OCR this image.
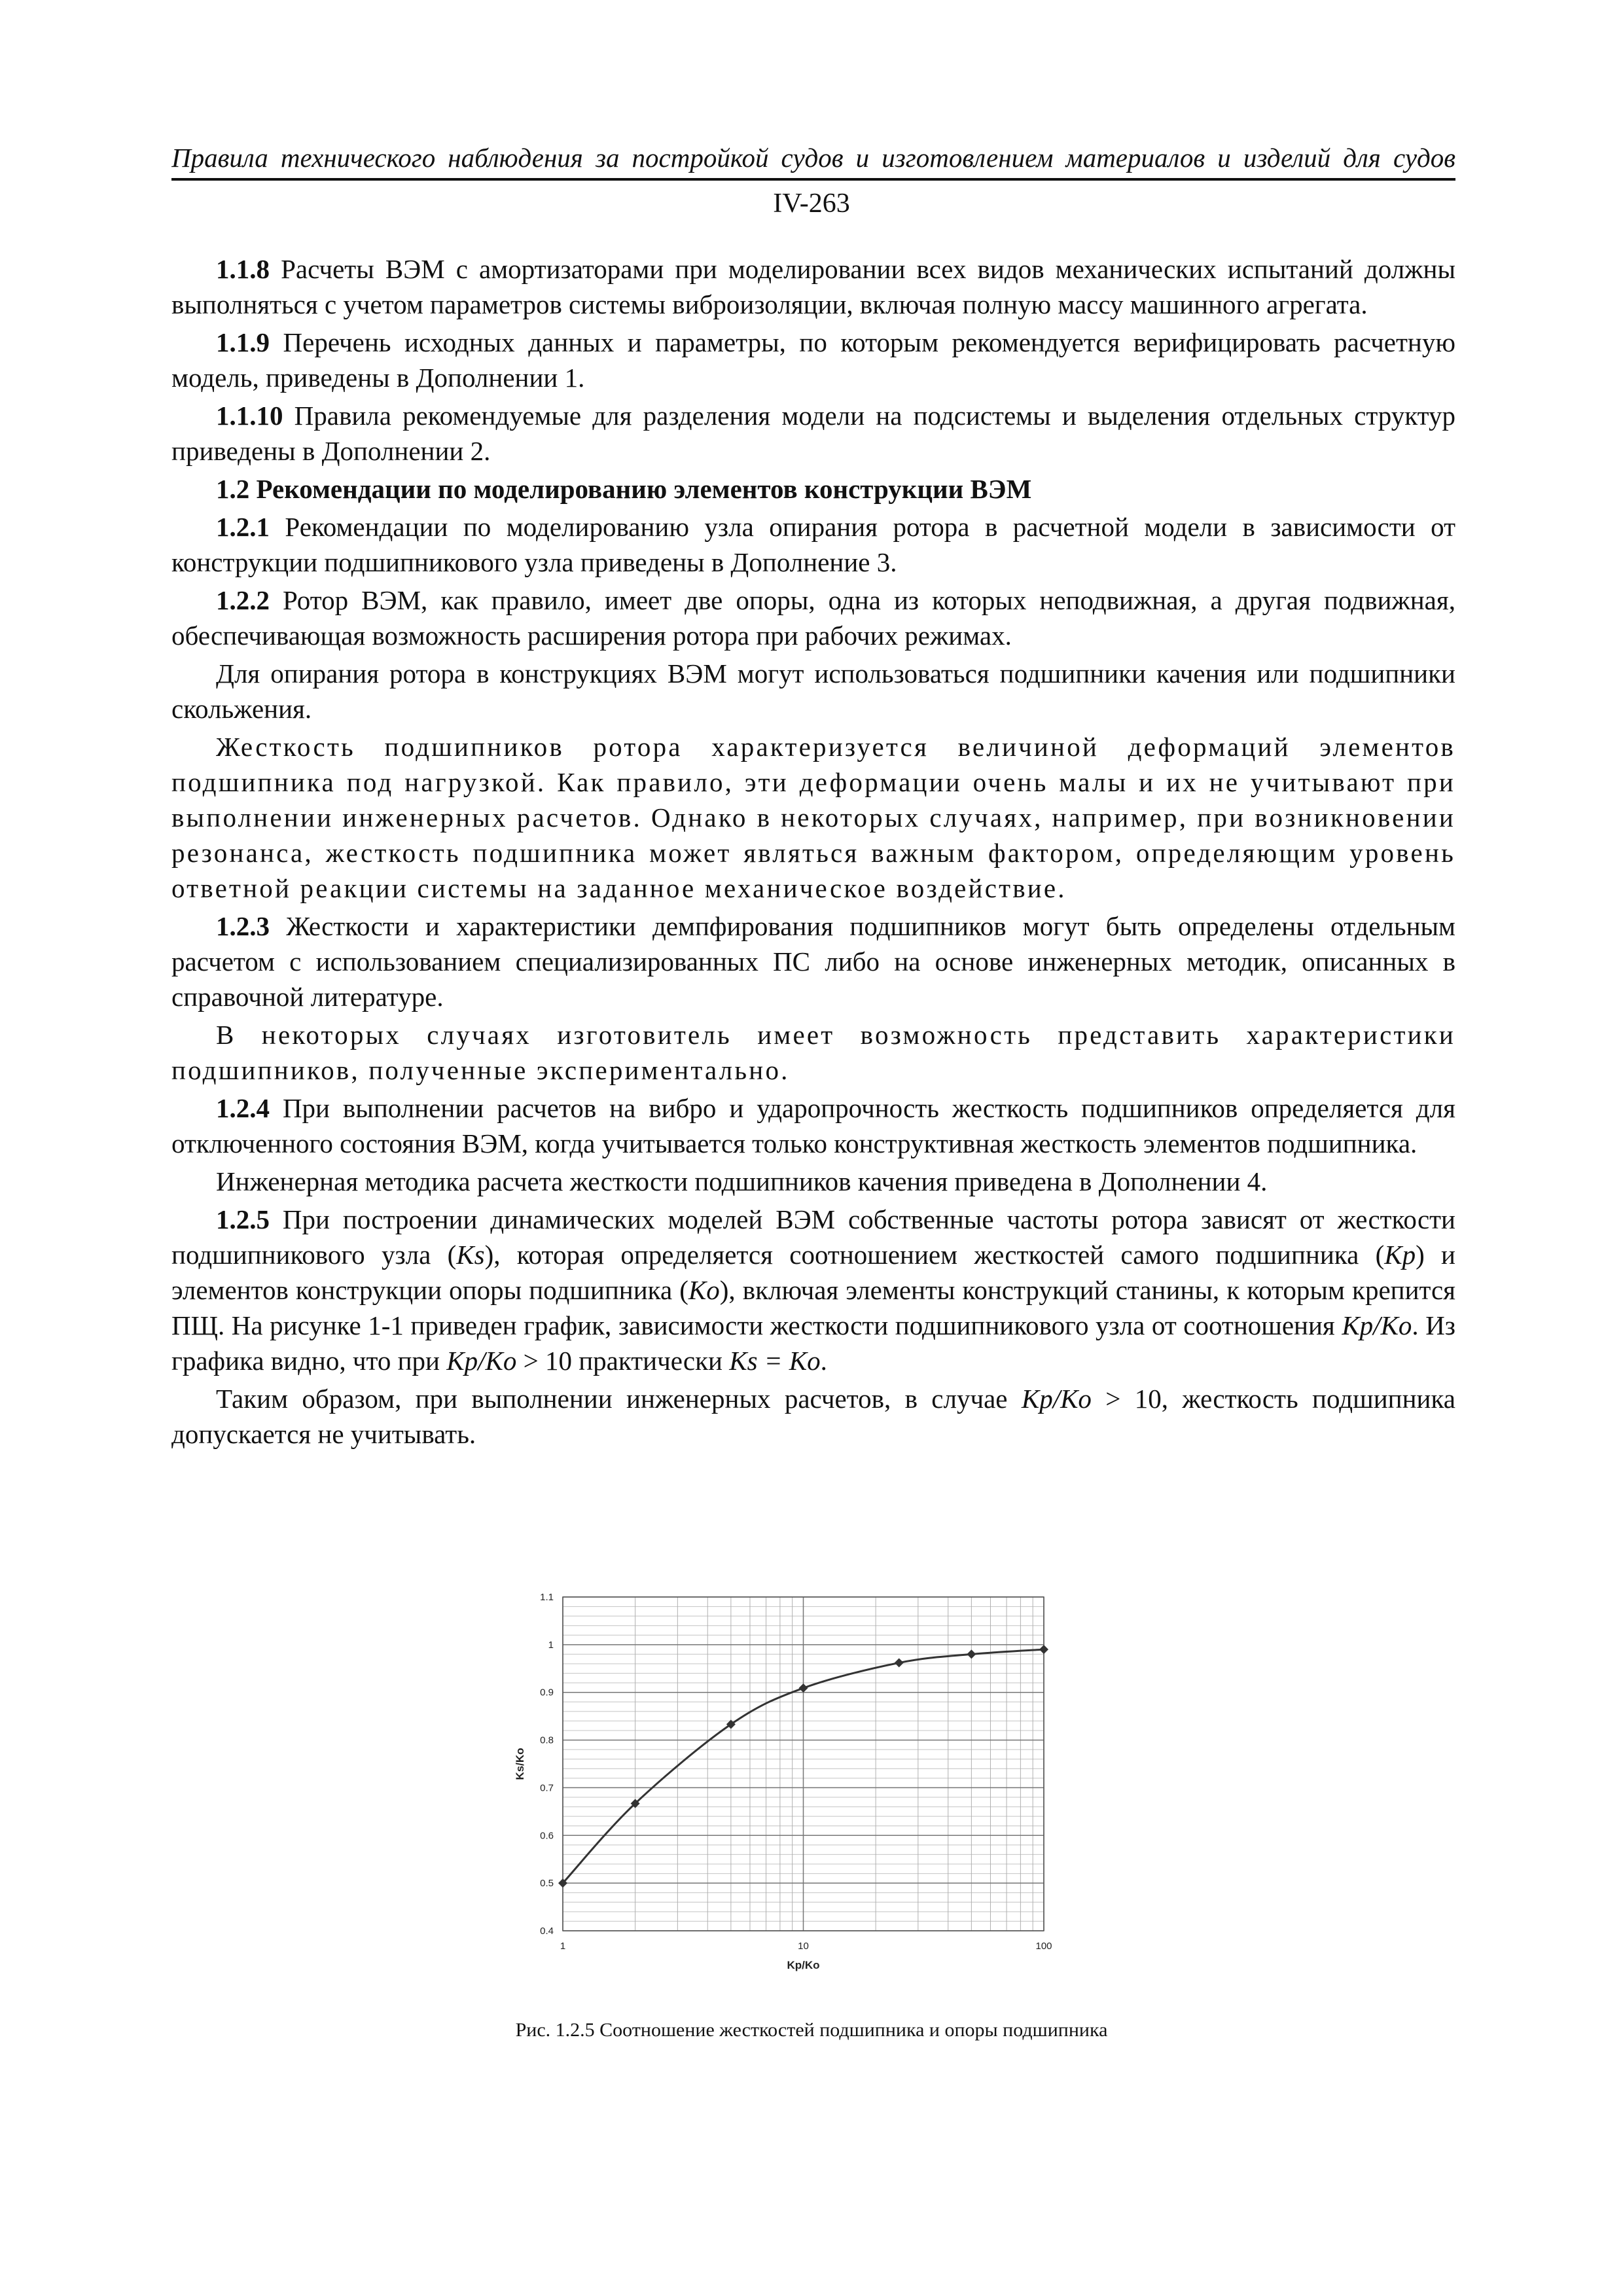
Правила технического наблюдения за постройкой судов и изготовлением материалов и изделий для судов
IV-263

1.1.8 Расчеты ВЭМ с амортизаторами при моделировании всех видов механических испытаний должны выполняться с учетом параметров системы виброизоляции, включая полную массу машинного агрегата.

1.1.9 Перечень исходных данных и параметры, по которым рекомендуется верифицировать расчетную модель, приведены в Дополнении 1.

1.1.10 Правила рекомендуемые для разделения модели на подсистемы и выделения отдельных структур приведены в Дополнении 2.

1.2 Рекомендации по моделированию элементов конструкции ВЭМ

1.2.1 Рекомендации по моделированию узла опирания ротора в расчетной модели в зависимости от конструкции подшипникового узла приведены в Дополнение 3.

1.2.2 Ротор ВЭМ, как правило, имеет две опоры, одна из которых неподвижная, а другая подвижная, обеспечивающая возможность расширения ротора при рабочих режимах.

Для опирания ротора в конструкциях ВЭМ могут использоваться подшипники качения или подшипники скольжения.

Жесткость подшипников ротора характеризуется величиной деформаций элементов подшипника под нагрузкой. Как правило, эти деформации очень малы и их не учитывают при выполнении инженерных расчетов. Однако в некоторых случаях, например, при возникновении резонанса, жесткость подшипника может являться важным фактором, определяющим уровень ответной реакции системы на заданное механическое воздействие.

1.2.3 Жесткости и характеристики демпфирования подшипников могут быть определены отдельным расчетом с использованием специализированных ПС либо на основе инженерных методик, описанных в справочной литературе.

В некоторых случаях изготовитель имеет возможность представить характеристики подшипников, полученные экспериментально.

1.2.4 При выполнении расчетов на вибро и ударопрочность жесткость подшипников определяется для отключенного состояния ВЭМ, когда учитывается только конструктивная жесткость элементов подшипника.

Инженерная методика расчета жесткости подшипников качения приведена в Дополнении 4.

1.2.5 При построении динамических моделей ВЭМ собственные частоты ротора зависят от жесткости подшипникового узла (Ks), которая определяется соотношением жесткостей самого подшипника (Kp) и элементов конструкции опоры подшипника (Ko), включая элементы конструкций станины, к которым крепится ПЩ. На рисунке 1-1 приведен график, зависимости жесткости подшипникового узла от соотношения Kp/Ko. Из графика видно, что при Kp/Ko > 10 практически Ks = Ko.

Таким образом, при выполнении инженерных расчетов, в случае Kp/Ko > 10, жесткость подшипника допускается не учитывать.

0.4
0.5
0.6
0.7
0.8
0.9
1
1.1
1	10	100
Kp/Ko
Ks/Ko
Рис. 1.2.5 Соотношение жесткостей подшипника и опоры подшипника
